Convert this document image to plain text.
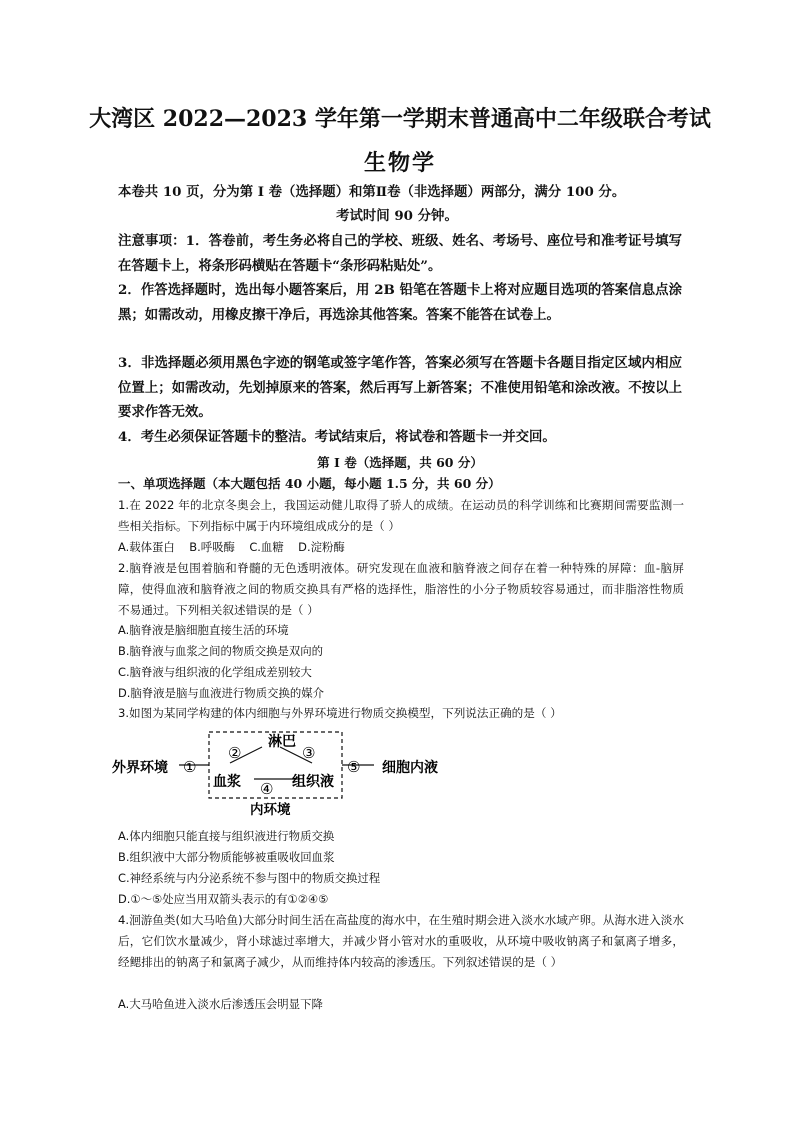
大湾区 2022—2023 学年第一学期末普通高中二年级联合考试
生物学
本卷共 10 页，分为第 I 卷（选择题）和第Ⅱ卷（非选择题）两部分，满分 100 分。
考试时间 90 分钟。
注意事项：1．答卷前，考生务必将自己的学校、班级、姓名、考场号、座位号和准考证号填写在答题卡上，将条形码横贴在答题卡“条形码粘贴处”。
2．作答选择题时，选出每小题答案后，用 2B 铅笔在答题卡上将对应题目选项的答案信息点涂黑；如需改动，用橡皮擦干净后，再选涂其他答案。答案不能答在试卷上。
3．非选择题必须用黑色字迹的钢笔或签字笔作答，答案必须写在答题卡各题目指定区域内相应位置上；如需改动，先划掉原来的答案，然后再写上新答案；不准使用铅笔和涂改液。不按以上要求作答无效。
4．考生必须保证答题卡的整洁。考试结束后，将试卷和答题卡一并交回。
第 I 卷（选择题，共 60 分）
一、单项选择题（本大题包括 40 小题，每小题 1.5 分，共 60 分）
1.在 2022 年的北京冬奥会上，我国运动健儿取得了骄人的成绩。在运动员的科学训练和比赛期间需要监测一些相关指标。下列指标中属于内环境组成成分的是（ ）
A.载体蛋白    B.呼吸酶    C.血糖    D.淀粉酶
2.脑脊液是包围着脑和脊髓的无色透明液体。研究发现在血液和脑脊液之间存在着一种特殊的屏障：血-脑屏障，使得血液和脑脊液之间的物质交换具有严格的选择性，脂溶性的小分子物质较容易通过，而非脂溶性物质不易通过。下列相关叙述错误的是（ ）
A.脑脊液是脑细胞直接生活的环境
B.脑脊液与血浆之间的物质交换是双向的
C.脑脊液与组织液的化学组成差别较大
D.脑脊液是脑与血液进行物质交换的媒介
3.如图为某同学构建的体内细胞与外界环境进行物质交换模型，下列说法正确的是（ ）
外界环境
淋巴
血浆	组织液
细胞内液
内环境
①
②	③
④
⑤
A.体内细胞只能直接与组织液进行物质交换
B.组织液中大部分物质能够被重吸收回血浆
C.神经系统与内分泌系统不参与图中的物质交换过程
D.①～⑤处应当用双箭头表示的有①②④⑤
4.洄游鱼类(如大马哈鱼)大部分时间生活在高盐度的海水中，在生殖时期会进入淡水水域产卵。从海水进入淡水后，它们饮水量减少，肾小球滤过率增大，并减少肾小管对水的重吸收，从环境中吸收钠离子和氯离子增多，经鳃排出的钠离子和氯离子减少，从而维持体内较高的渗透压。下列叙述错误的是（ ）
A.大马哈鱼进入淡水后渗透压会明显下降
